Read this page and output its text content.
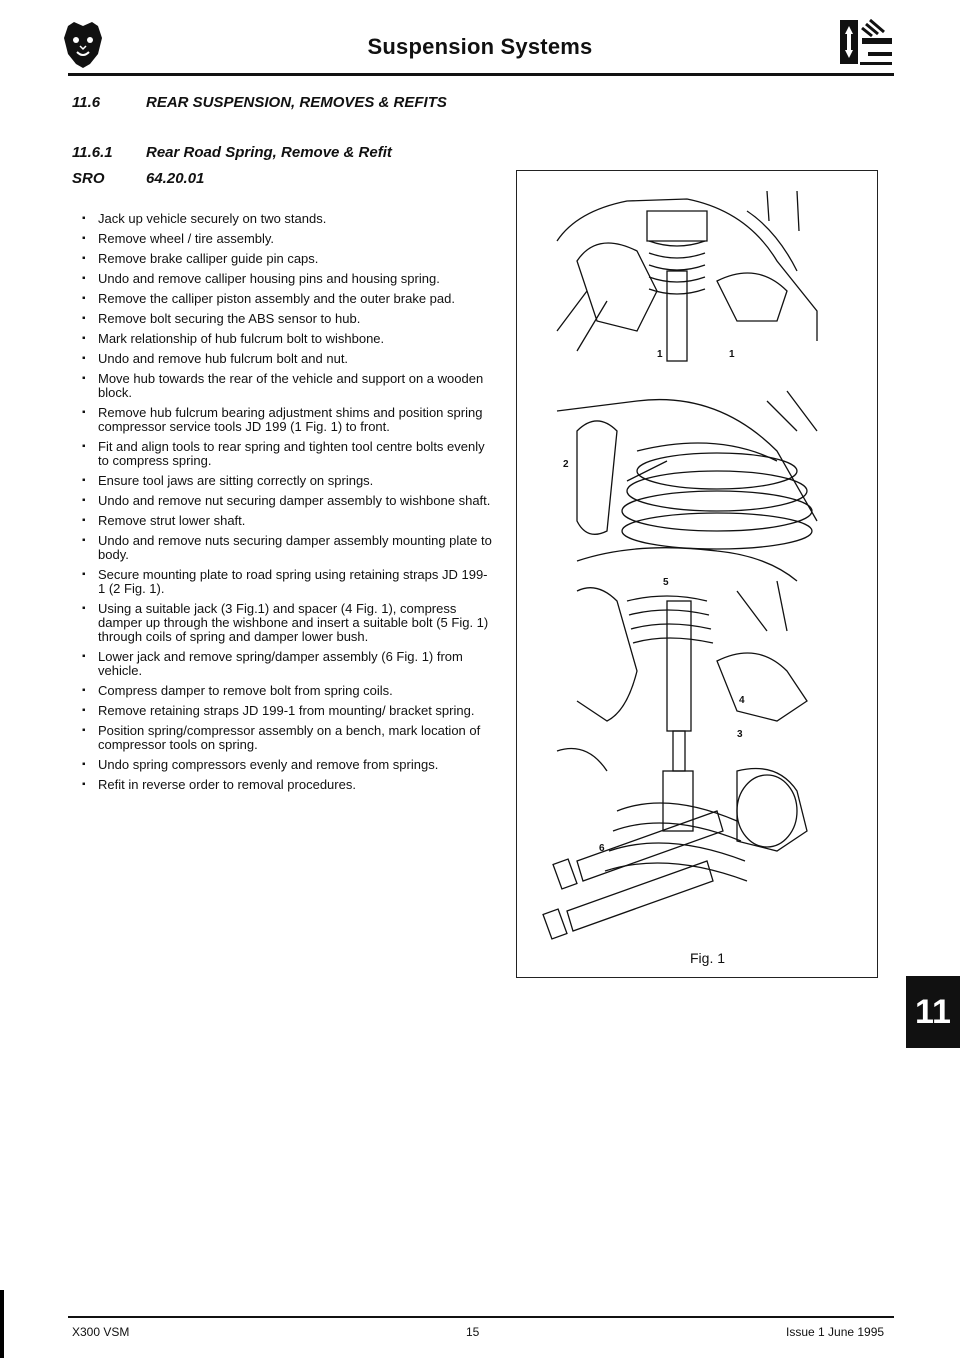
Suspension Systems
11.6	REAR SUSPENSION, REMOVES & REFITS
11.6.1 Rear Road Spring, Remove & Refit
SRO	64.20.01
▪ Jack up vehicle securely on two stands.
▪ Remove wheel / tire assembly.
▪ Remove brake calliper guide pin caps.
▪ Undo and remove calliper housing pins and housing spring.
▪ Remove the calliper piston assembly and the outer brake pad.
▪ Remove bolt securing the ABS sensor to hub.
▪ Mark relationship of hub fulcrum bolt to wishbone.
▪ Undo and remove hub fulcrum bolt and nut.
▪ Move hub towards the rear of the vehicle and support on a wooden block.
▪ Remove hub fulcrum bearing adjustment shims and position spring compressor service tools JD 199 (1 Fig. 1) to front.
▪ Fit and align tools to rear spring and tighten tool centre bolts evenly to compress spring.
▪ Ensure tool jaws are sitting correctly on springs.
▪ Undo and remove nut securing damper assembly to wishbone shaft.
▪ Remove strut lower shaft.
▪ Undo and remove nuts securing damper assembly mounting plate to body.
▪ Secure mounting plate to road spring using retaining straps JD 199-1 (2 Fig. 1).
▪ Using a suitable jack (3 Fig.1) and spacer (4 Fig. 1), compress damper up through the wishbone and insert a suitable bolt (5 Fig. 1) through coils of spring and damper lower bush.
▪ Lower jack and remove spring/damper assembly (6 Fig. 1) from vehicle.
▪ Compress damper to remove bolt from spring coils.
▪ Remove retaining straps JD 199-1 from mounting/ bracket spring.
▪ Position spring/compressor assembly on a bench, mark location of compressor tools on spring.
▪ Undo spring compressors evenly and remove from springs.
▪ Refit in reverse order to removal procedures.
1	1
2
5
4
3
6
Fig. 1
11
X300 VSM	15	Issue 1 June 1995
